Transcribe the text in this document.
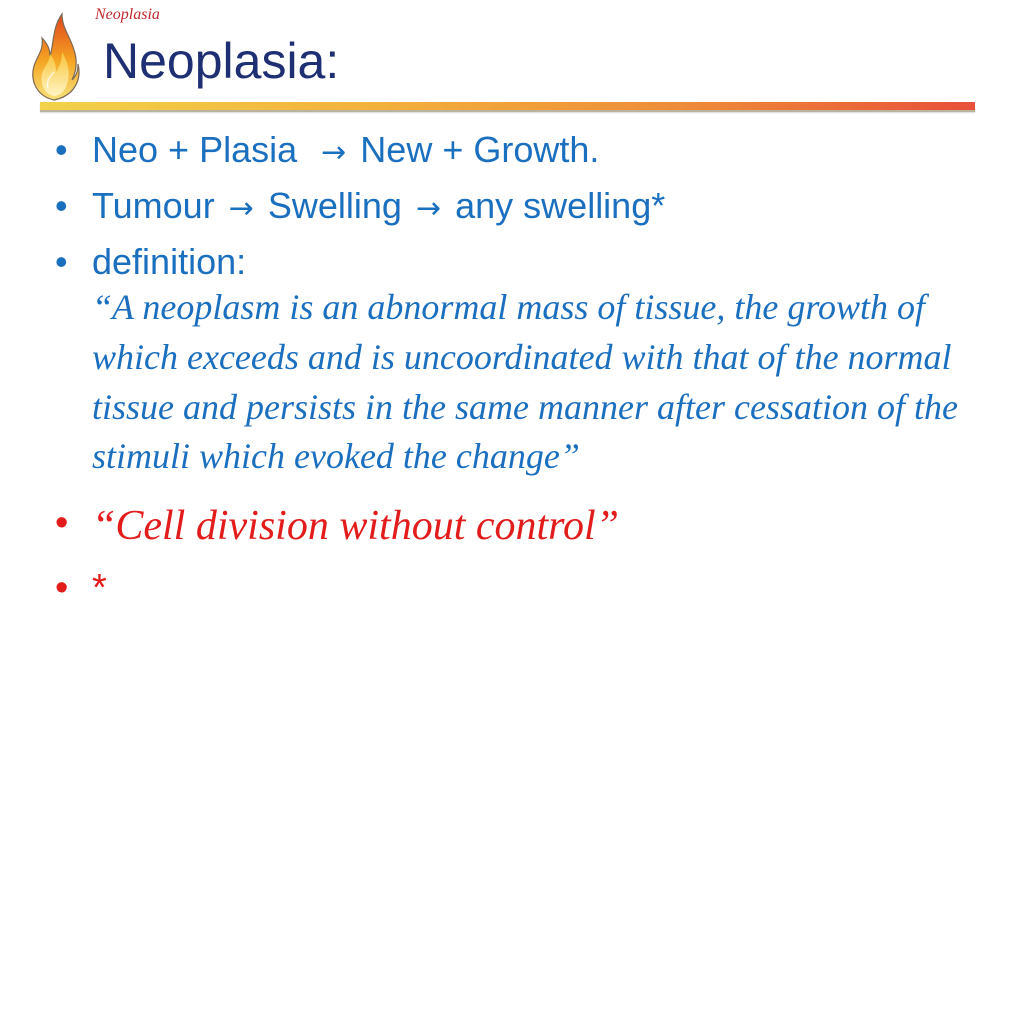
Neoplasia
Neoplasia:
• Neo + Plasia → New + Growth.
• Tumour → Swelling → any swelling*
• definition:
“A neoplasm is an abnormal mass of tissue, the growth of which exceeds and is uncoordinated with that of the normal tissue and persists in the same manner after cessation of the stimuli which evoked the change”
• “Cell division without control”
• *
